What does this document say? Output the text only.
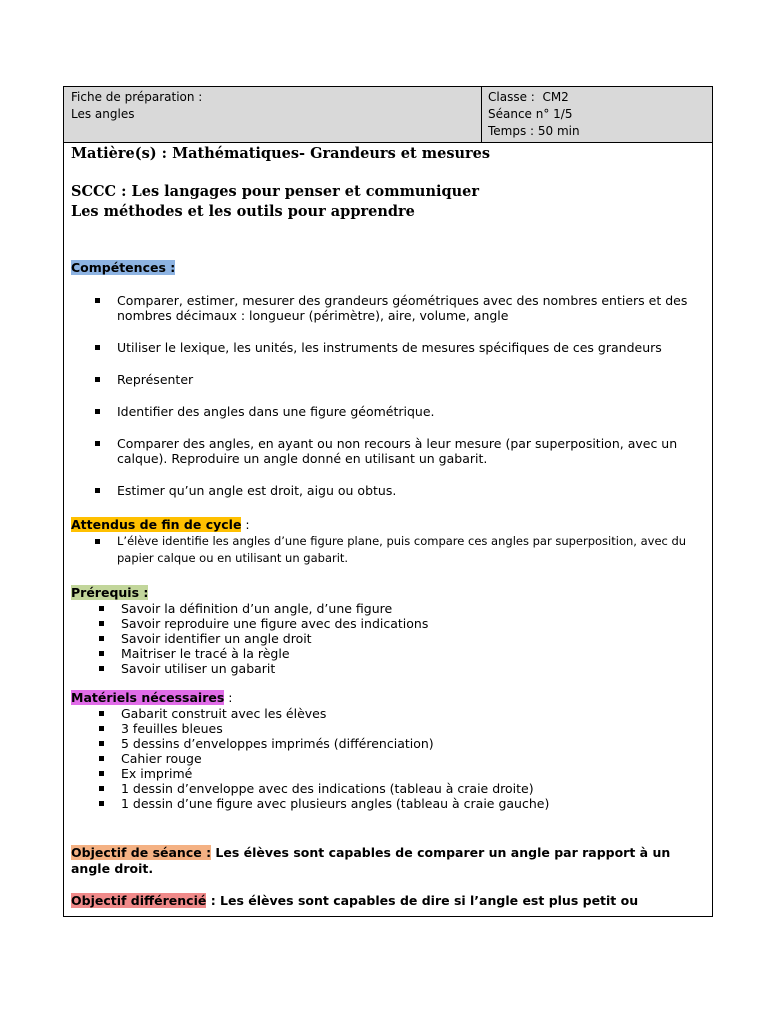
Fiche de préparation :
Les angles
Classe :  CM2
Séance n° 1/5
Temps : 50 min

Matière(s) : Mathématiques- Grandeurs et mesures

SCCC : Les langages pour penser et communiquer

Les méthodes et les outils pour apprendre

Compétences :
Comparer, estimer, mesurer des grandeurs géométriques avec des nombres entiers et des nombres décimaux : longueur (périmètre), aire, volume, angle
Utiliser le lexique, les unités, les instruments de mesures spécifiques de ces grandeurs
Représenter
Identifier des angles dans une figure géométrique.
Comparer des angles, en ayant ou non recours à leur mesure (par superposition, avec un calque). Reproduire un angle donné en utilisant un gabarit.
Estimer qu’un angle est droit, aigu ou obtus.
Attendus de fin de cycle :
L’élève identifie les angles d’une figure plane, puis compare ces angles par superposition, avec du papier calque ou en utilisant un gabarit.
Prérequis :
Savoir la définition d’un angle, d’une figure
Savoir reproduire une figure avec des indications
Savoir identifier un angle droit
Maitriser le tracé à la règle
Savoir utiliser un gabarit
Matériels nécessaires :
Gabarit construit avec les élèves
3 feuilles bleues
5 dessins d’enveloppes imprimés (différenciation)
Cahier rouge
Ex imprimé
1 dessin d’enveloppe avec des indications (tableau à craie droite)
1 dessin d’une figure avec plusieurs angles (tableau à craie gauche)
Objectif de séance : Les élèves sont capables de comparer un angle par rapport à un angle droit.
Objectif différencié : Les élèves sont capables de dire si l’angle est plus petit ou
